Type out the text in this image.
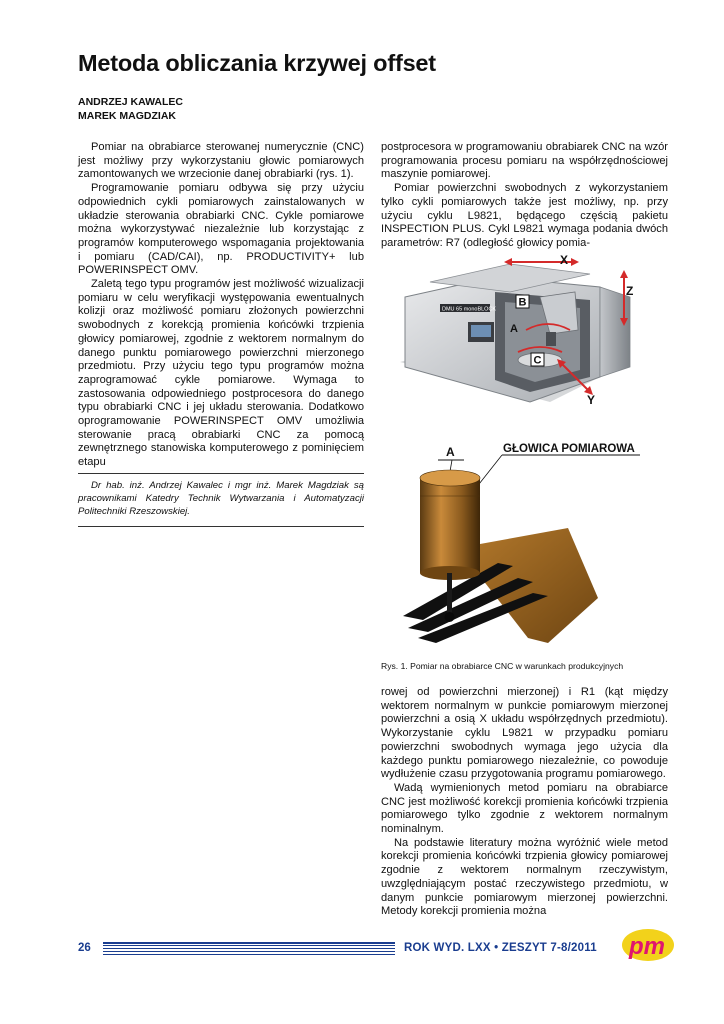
Metoda obliczania krzywej offset
ANDRZEJ KAWALEC
MAREK MAGDZIAK

Pomiar na obrabiarce sterowanej numerycznie (CNC) jest możliwy przy wykorzystaniu głowic pomiarowych zamontowanych we wrzecionie danej obrabiarki (rys. 1).

Programowanie pomiaru odbywa się przy użyciu odpowiednich cykli pomiarowych zainstalowanych w układzie sterowania obrabiarki CNC. Cykle pomiarowe można wykorzystywać niezależnie lub korzystając z programów komputerowego wspomagania projektowania i pomiaru (CAD/CAI), np. PRODUCTIVITY+ lub POWERINSPECT OMV.

Zaletą tego typu programów jest możliwość wizualizacji pomiaru w celu weryfikacji występowania ewentualnych kolizji oraz możliwość pomiaru złożonych powierzchni swobodnych z korekcją promienia końcówki trzpienia głowicy pomiarowej, zgodnie z wektorem normalnym do danego punktu pomiarowego powierzchni mierzonego przedmiotu. Przy użyciu tego typu programów można zaprogramować cykle pomiarowe. Wymaga to zastosowania odpowiedniego postprocesora do danego typu obrabiarki CNC i jej układu sterowania. Dodatkowo oprogramowanie POWERINSPECT OMV umożliwia sterowanie pracą obrabiarki CNC za pomocą zewnętrznego stanowiska komputerowego z pominięciem etapu

Dr hab. inż. Andrzej Kawalec i mgr inż. Marek Magdziak są pracownikami Katedry Technik Wytwarzania i Automatyzacji Politechniki Rzeszowskiej.

postprocesora w programowaniu obrabiarek CNC na wzór programowania procesu pomiaru na współrzędnościowej maszynie pomiarowej.

Pomiar powierzchni swobodnych z wykorzystaniem tylko cykli pomiarowych także jest możliwy, np. przy użyciu cyklu L9821, będącego częścią pakietu INSPECTION PLUS. Cykl L9821 wymaga podania dwóch parametrów: R7 (odległość głowicy pomia-

DMU 65 monoBLOCK
X
Z
Y
B
A
C
A	GŁOWICA POMIAROWA
Rys. 1. Pomiar na obrabiarce CNC w warunkach produkcyjnych

rowej od powierzchni mierzonej) i R1 (kąt między wektorem normalnym w punkcie pomiarowym mierzonej powierzchni a osią X układu współrzędnych przedmiotu). Wykorzystanie cyklu L9821 w przypadku pomiaru powierzchni swobodnych wymaga jego użycia dla każdego punktu pomiarowego niezależnie, co powoduje wydłużenie czasu przygotowania programu pomiarowego.

Wadą wymienionych metod pomiaru na obrabiarce CNC jest możliwość korekcji promienia końcówki trzpienia pomiarowego tylko zgodnie z wektorem normalnym nominalnym.

Na podstawie literatury można wyróżnić wiele metod korekcji promienia końcówki trzpienia głowicy pomiarowej zgodnie z wektorem normalnym rzeczywistym, uwzględniającym postać rzeczywistego przedmiotu, w danym punkcie pomiarowym mierzonej powierzchni. Metody korekcji promienia można

26	ROK WYD. LXX • ZESZYT 7-8/2011 pm
